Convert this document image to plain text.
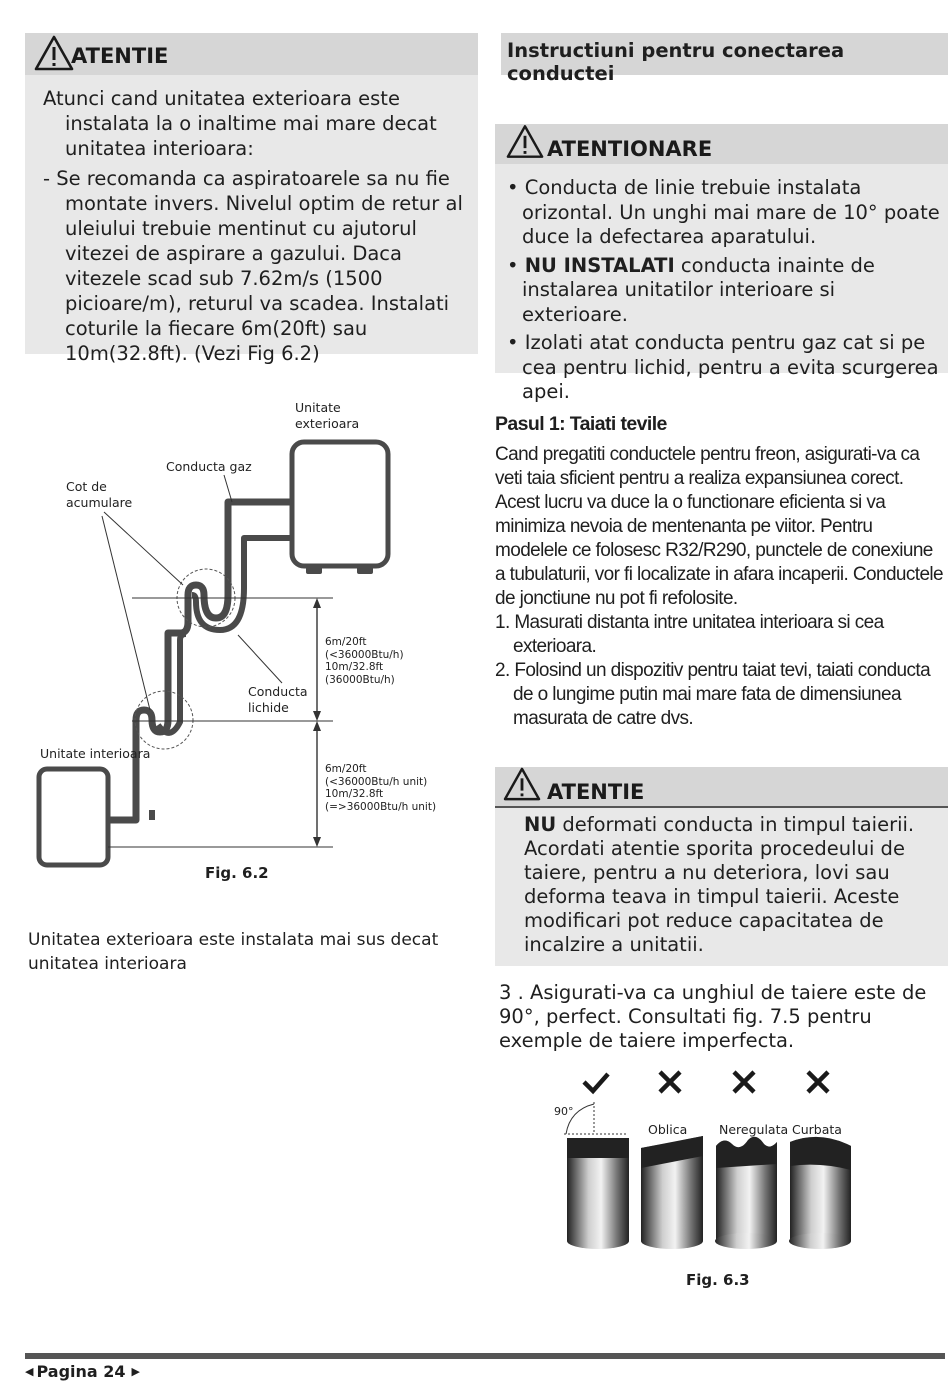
ATENTIE

Atunci cand unitatea exterioara este instalata la o inaltime mai mare decat unitatea interioara:

- Se recomanda ca aspiratoarele sa nu fie montate invers. Nivelul optim de retur al uleiului trebuie mentinut cu ajutorul vitezei de aspirare a gazului. Daca vitezele scad sub 7.62m/s (1500 picioare/m), returul va scadea. Instalati coturile la fiecare 6m(20ft) sau 10m(32.8ft). (Vezi Fig 6.2)

Instructiuni pentru conectarea conductei
ATENTIONARE

• Conducta de linie trebuie instalata orizontal. Un unghi mai mare de 10° poate duce la defectarea aparatului.

• NU INSTALATI conducta inainte de instalarea unitatilor interioare si exterioare.

• Izolati atat conducta pentru gaz cat si pe cea pentru lichid, pentru a evita scurgerea apei.

Unitate
exterioara
Conducta gaz
Cot de
acumulare
Conducta
lichide
Unitate interioara
6m/20ft
(<36000Btu/h)
10m/32.8ft
(36000Btu/h)
6m/20ft
(<36000Btu/h unit)
10m/32.8ft
(=>36000Btu/h unit)
Fig. 6.2
Unitatea exterioara este instalata mai sus decat unitatea interioara
Pasul 1: Taiati tevile

Cand pregatiti conductele pentru freon, asigurati-va ca veti taia sficient pentru a realiza expansiunea corect. Acest lucru va duce la o functionare eficienta si va minimiza nevoia de mentenanta pe viitor. Pentru modelele ce folosesc R32/R290, punctele de conexiune a tubulaturii, vor fi localizate in afara incaperii. Conductele de jonctiune nu pot fi refolosite.

1. Masurati distanta intre unitatea interioara si cea exterioara.

2. Folosind un dispozitiv pentru taiat tevi, taiati conducta de o lungime putin mai mare fata de dimensiunea masurata de catre dvs.

ATENTIE
NU deformati conducta in timpul taierii. Acordati atentie sporita procedeului de taiere, pentru a nu deteriora, lovi sau deforma teava in timpul taierii. Aceste modificari pot reduce capacitatea de incalzire a unitatii.
3 . Asigurati-va ca unghiul de taiere este de 90°, perfect. Consultati fig. 7.5 pentru exemple de taiere imperfecta.
90°
Oblica	Neregulata Curbata
Fig. 6.3
◀ Pagina 24 ▶
